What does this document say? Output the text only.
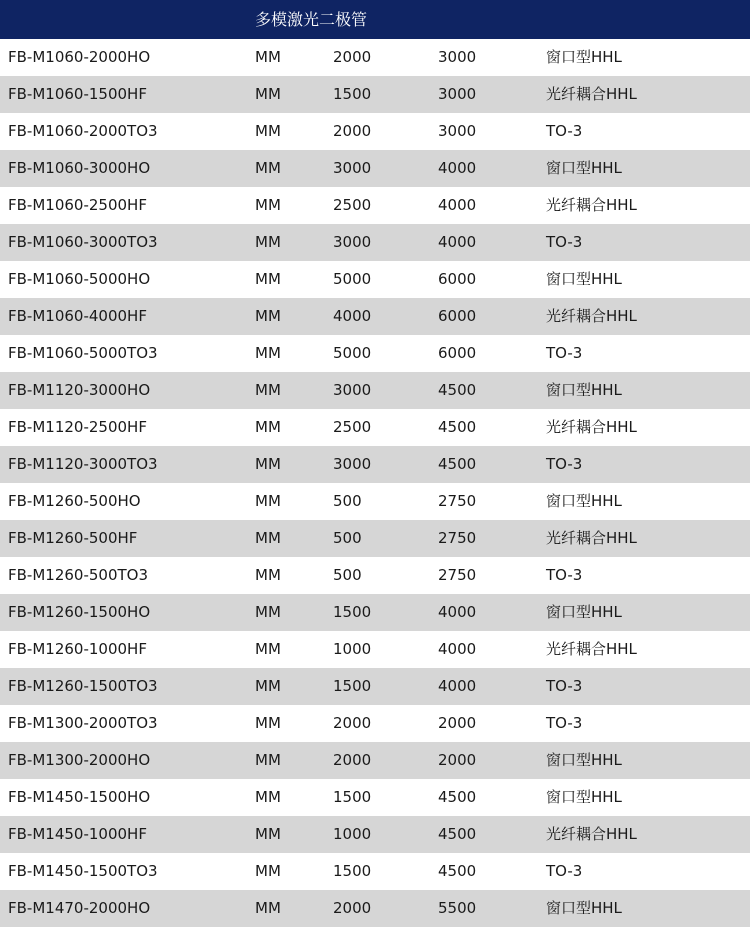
多模激光二极管
FB-M1060-2000HO	MM	2000	3000	窗口型HHL
FB-M1060-1500HF	MM	1500	3000	光纤耦合HHL
FB-M1060-2000TO3	MM	2000	3000	TO-3
FB-M1060-3000HO	MM	3000	4000	窗口型HHL
FB-M1060-2500HF	MM	2500	4000	光纤耦合HHL
FB-M1060-3000TO3	MM	3000	4000	TO-3
FB-M1060-5000HO	MM	5000	6000	窗口型HHL
FB-M1060-4000HF	MM	4000	6000	光纤耦合HHL
FB-M1060-5000TO3	MM	5000	6000	TO-3
FB-M1120-3000HO	MM	3000	4500	窗口型HHL
FB-M1120-2500HF	MM	2500	4500	光纤耦合HHL
FB-M1120-3000TO3	MM	3000	4500	TO-3
FB-M1260-500HO	MM	500	2750	窗口型HHL
FB-M1260-500HF	MM	500	2750	光纤耦合HHL
FB-M1260-500TO3	MM	500	2750	TO-3
FB-M1260-1500HO	MM	1500	4000	窗口型HHL
FB-M1260-1000HF	MM	1000	4000	光纤耦合HHL
FB-M1260-1500TO3	MM	1500	4000	TO-3
FB-M1300-2000TO3	MM	2000	2000	TO-3
FB-M1300-2000HO	MM	2000	2000	窗口型HHL
FB-M1450-1500HO	MM	1500	4500	窗口型HHL
FB-M1450-1000HF	MM	1000	4500	光纤耦合HHL
FB-M1450-1500TO3	MM	1500	4500	TO-3
FB-M1470-2000HO	MM	2000	5500	窗口型HHL
